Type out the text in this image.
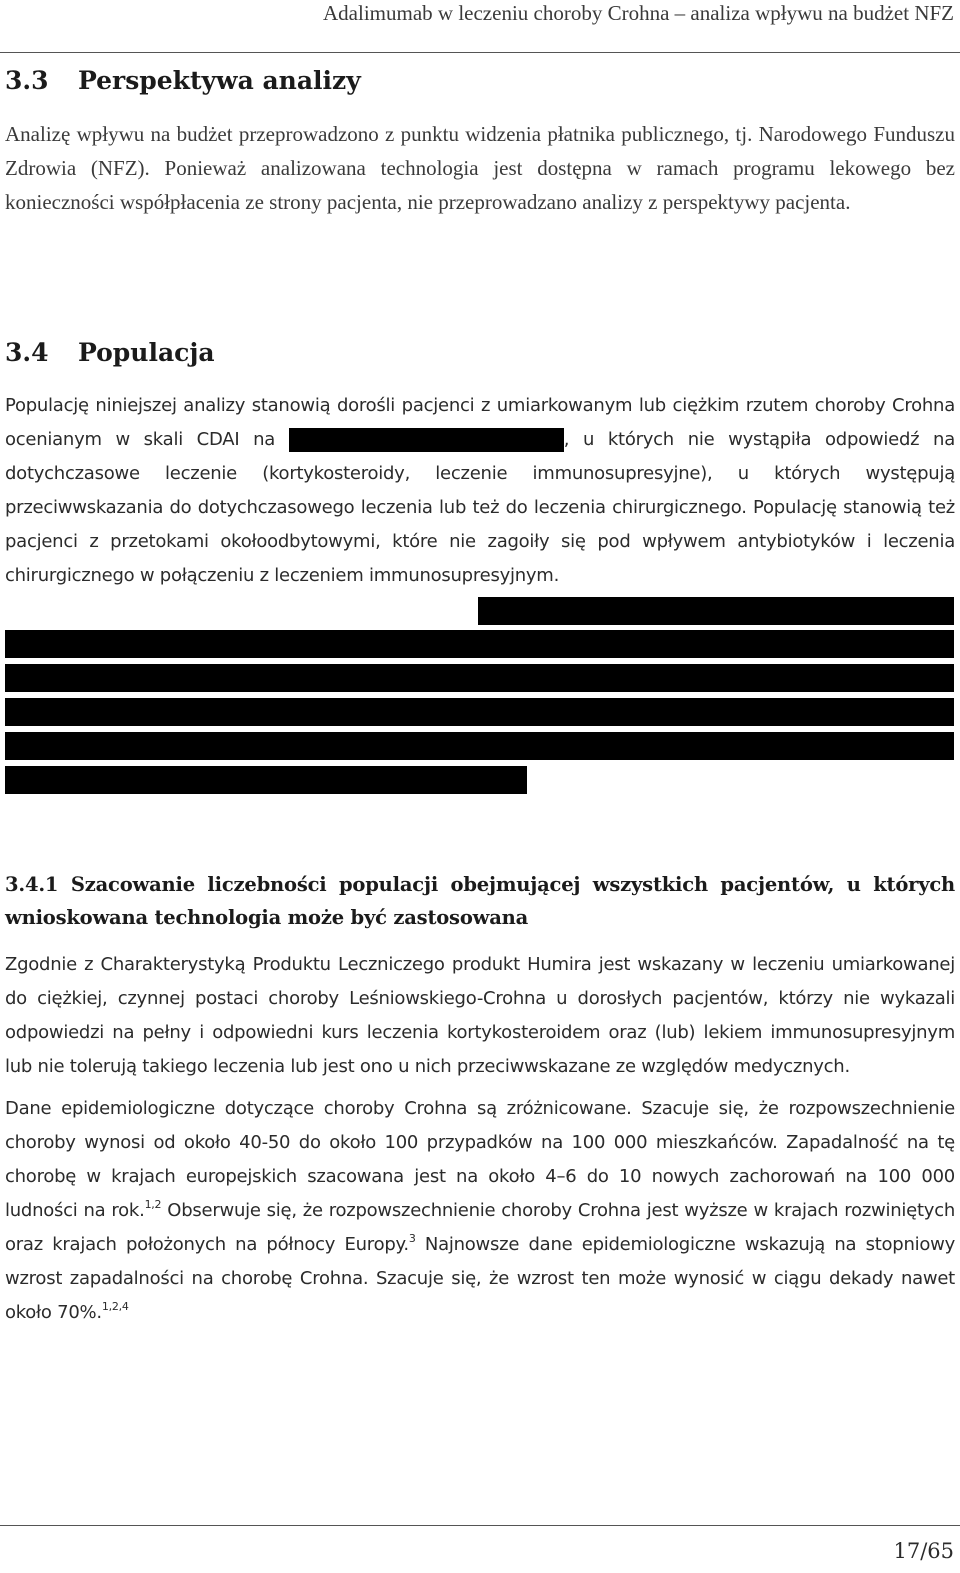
Adalimumab w leczeniu choroby Crohna – analiza wpływu na budżet NFZ
3.3	Perspektywa analizy

Analizę wpływu na budżet przeprowadzono z punktu widzenia płatnika publicznego, tj. Narodowego Funduszu Zdrowia (NFZ). Ponieważ analizowana technologia jest dostępna w ramach programu lekowego bez konieczności współpłacenia ze strony pacjenta, nie przeprowadzano analizy z perspektywy pacjenta.

3.4	Populacja

Populację niniejszej analizy stanowią dorośli pacjenci z umiarkowanym lub ciężkim rzutem choroby Crohna ocenianym w skali CDAI na	, u których nie wystąpiła odpowiedź na dotychczasowe leczenie (kortykosteroidy, leczenie immunosupresyjne), u których występują przeciwwskazania do dotychczasowego leczenia lub też do leczenia chirurgicznego. Populację stanowią też pacjenci z przetokami okołoodbytowymi, które nie zagoiły się pod wpływem antybiotyków i leczenia chirurgicznego w połączeniu z leczeniem immunosupresyjnym.

3.4.1 Szacowanie liczebności populacji obejmującej wszystkich pacjentów, u których wnioskowana technologia może być zastosowana

Zgodnie z Charakterystyką Produktu Leczniczego produkt Humira jest wskazany w leczeniu umiarkowanej do ciężkiej, czynnej postaci choroby Leśniowskiego-Crohna u dorosłych pacjentów, którzy nie wykazali odpowiedzi na pełny i odpowiedni kurs leczenia kortykosteroidem oraz (lub) lekiem immunosupresyjnym lub nie tolerują takiego leczenia lub jest ono u nich przeciwwskazane ze względów medycznych.

Dane epidemiologiczne dotyczące choroby Crohna są zróżnicowane. Szacuje się, że rozpowszechnienie choroby wynosi od około 40-50 do około 100 przypadków na 100 000 mieszkańców. Zapadalność na tę chorobę w krajach europejskich szacowana jest na około 4–6 do 10 nowych zachorowań na 100 000 ludności na rok.$^{1,2}$ Obserwuje się, że rozpowszechnienie choroby Crohna jest wyższe w krajach rozwiniętych oraz krajach położonych na północy Europy.$^3$ Najnowsze dane epidemiologiczne wskazują na stopniowy wzrost zapadalności na chorobę Crohna. Szacuje się, że wzrost ten może wynosić w ciągu dekady nawet około 70%.$^{1,2,4}$

17/65
